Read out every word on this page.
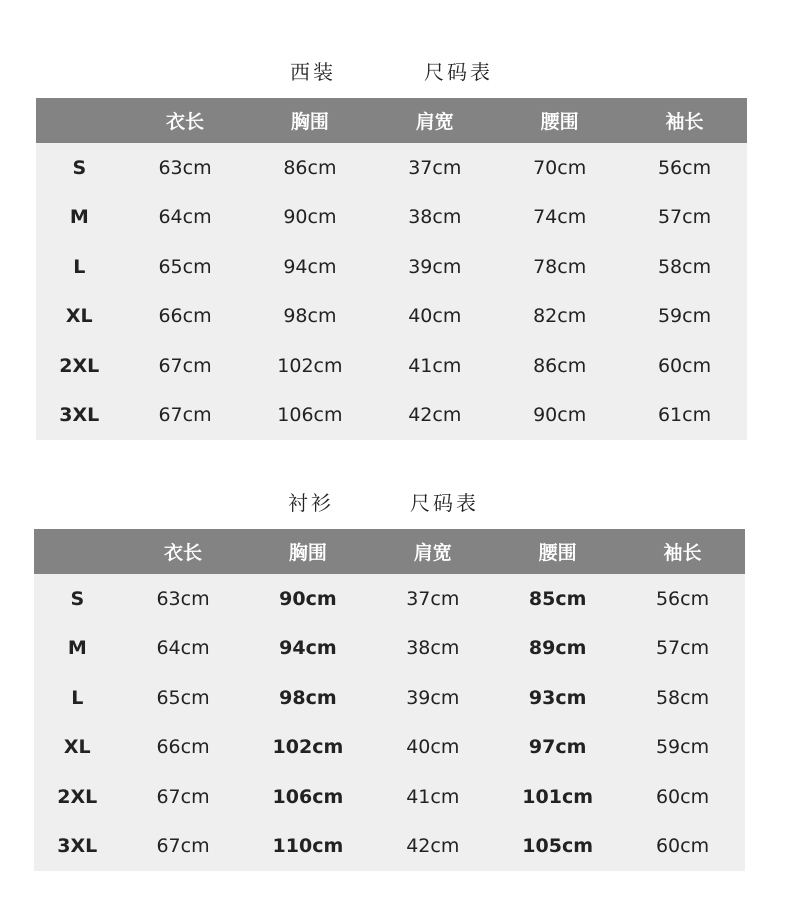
西装	尺码表
	衣长	胸围	肩宽	腰围	袖长
S	63cm	86cm	37cm	70cm	56cm
M	64cm	90cm	38cm	74cm	57cm
L	65cm	94cm	39cm	78cm	58cm
XL	66cm	98cm	40cm	82cm	59cm
2XL	67cm	102cm	41cm	86cm	60cm
3XL	67cm	106cm	42cm	90cm	61cm
衬衫	尺码表
	衣长	胸围	肩宽	腰围	袖长
S	63cm	90cm	37cm	85cm	56cm
M	64cm	94cm	38cm	89cm	57cm
L	65cm	98cm	39cm	93cm	58cm
XL	66cm	102cm	40cm	97cm	59cm
2XL	67cm	106cm	41cm	101cm	60cm
3XL	67cm	110cm	42cm	105cm	60cm
